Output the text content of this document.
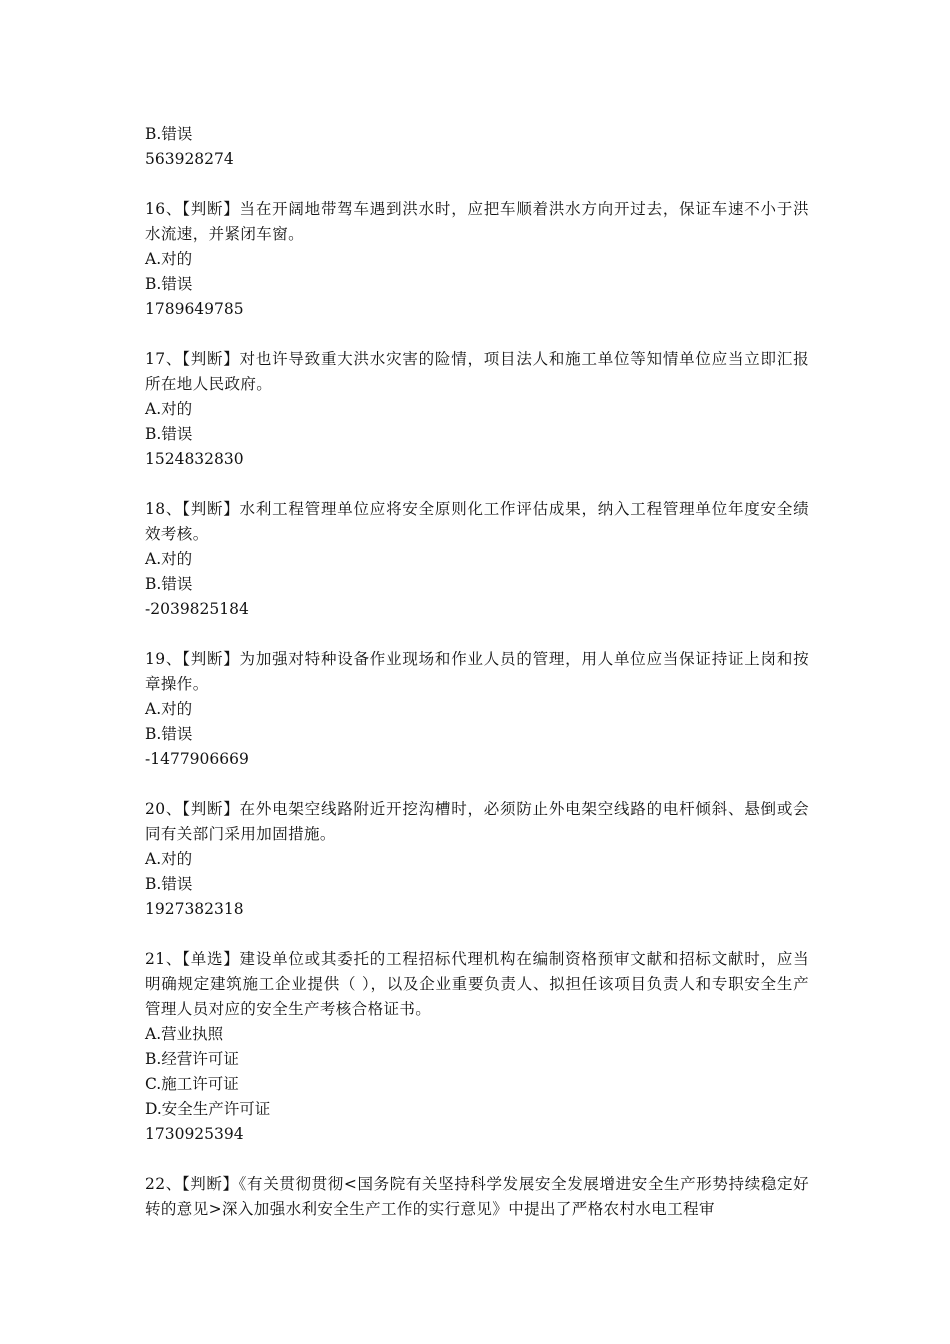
B.错误
563928274
16、【判断】当在开阔地带驾车遇到洪水时，应把车顺着洪水方向开过去，保证车速不小于洪水流速，并紧闭车窗。
A.对的
B.错误
1789649785
17、【判断】对也许导致重大洪水灾害的险情，项目法人和施工单位等知情单位应当立即汇报所在地人民政府。
A.对的
B.错误
1524832830
18、【判断】水利工程管理单位应将安全原则化工作评估成果，纳入工程管理单位年度安全绩效考核。
A.对的
B.错误
-2039825184
19、【判断】为加强对特种设备作业现场和作业人员的管理，用人单位应当保证持证上岗和按章操作。
A.对的
B.错误
-1477906669
20、【判断】在外电架空线路附近开挖沟槽时，必须防止外电架空线路的电杆倾斜、悬倒或会同有关部门采用加固措施。
A.对的
B.错误
1927382318
21、【单选】建设单位或其委托的工程招标代理机构在编制资格预审文献和招标文献时，应当明确规定建筑施工企业提供（ ），以及企业重要负责人、拟担任该项目负责人和专职安全生产管理人员对应的安全生产考核合格证书。
A.营业执照
B.经营许可证
C.施工许可证
D.安全生产许可证
1730925394
22、【判断】《有关贯彻贯彻<国务院有关坚持科学发展安全发展增进安全生产形势持续稳定好转的意见>深入加强水利安全生产工作的实行意见》中提出了严格农村水电工程审
